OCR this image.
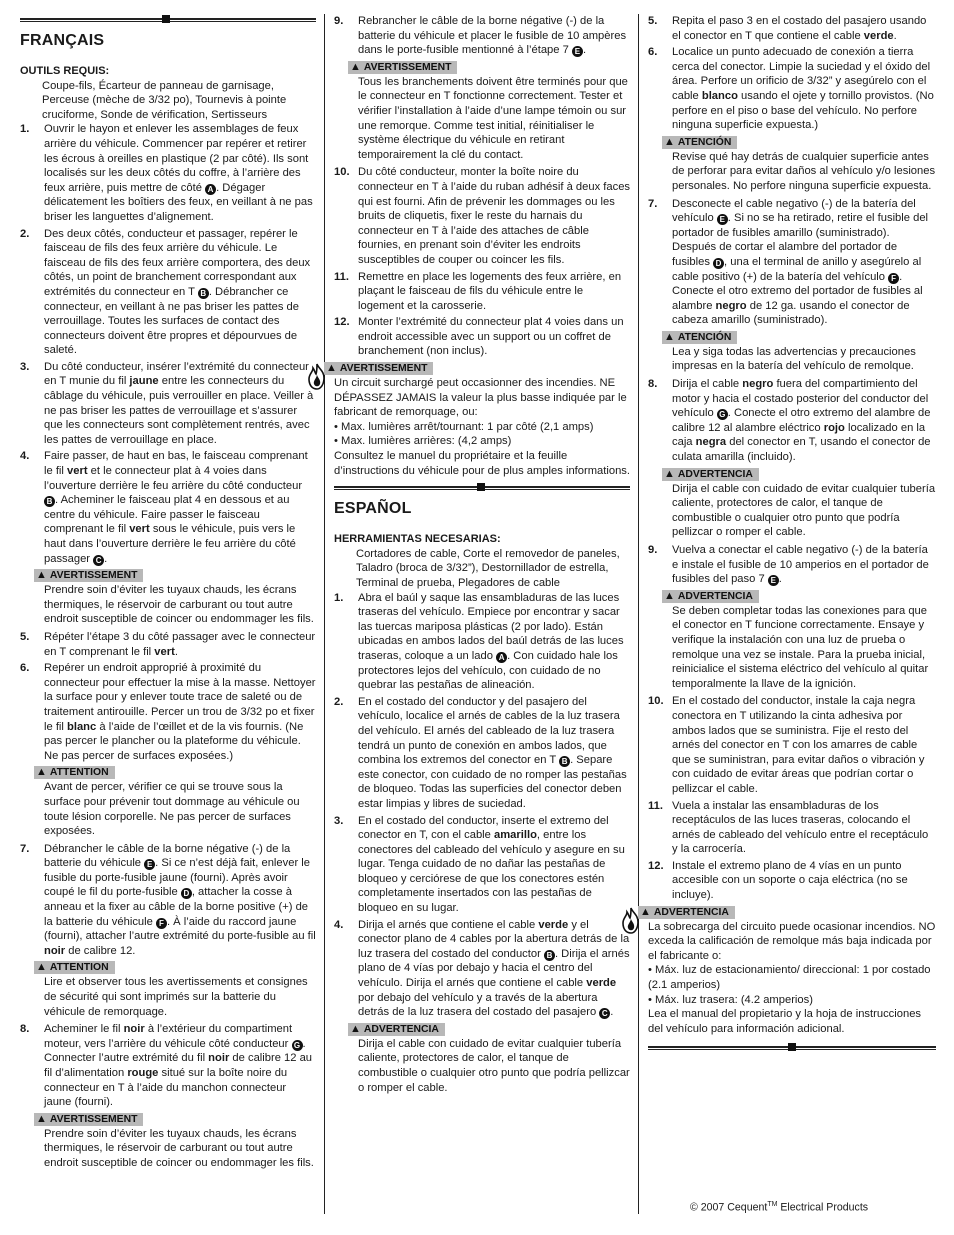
FRANÇAIS
OUTILS REQUIS:
Coupe-fils, Écarteur de panneau de garnisage, Perceuse (mèche de 3/32 po), Tournevis à pointe cruciforme, Sonde de vérification, Sertisseurs
1. Ouvrir le hayon et enlever les assemblages de feux arrière du véhicule. Commencer par repérer et retirer les écrous à oreilles en plastique (2 par côté). Ils sont localisés sur les deux côtés du coffre, à l’arrière des feux arrière, puis mettre de côté A . Dégager délicatement les boîtiers des feux, en veillant à ne pas briser les languettes d’alignement.
2. Des deux côtés, conducteur et passager, repérer le faisceau de fils des feux arrière du véhicule. Le faisceau de fils des feux arrière comportera, des deux côtés, un point de branchement correspondant aux extrémités du connecteur en T B . Débrancher ce connecteur, en veillant à ne pas briser les pattes de verrouillage. Toutes les surfaces de contact des connecteurs doivent être propres et dépourvues de saleté.
3. Du côté conducteur, insérer l’extrémité du connecteur en T munie du fil jaune entre les connecteurs du câblage du véhicule, puis verrouiller en place. Veiller à ne pas briser les pattes de verrouillage et s’assurer que les connecteurs sont complètement rentrés, avec les pattes de verrouillage en place.
4. Faire passer, de haut en bas, le faisceau comprenant le fil vert et le connecteur plat à 4 voies dans l’ouverture derrière le feu arrière du côté conducteur B . Acheminer le faisceau plat 4 en dessous et au centre du véhicule. Faire passer le faisceau comprenant le fil vert sous le véhicule, puis vers le haut dans l’ouverture derrière le feu arrière du côté passager C .
▲ AVERTISSEMENT
Prendre soin d’éviter les tuyaux chauds, les écrans thermiques, le réservoir de carburant ou tout autre endroit susceptible de coincer ou endommager les fils.
5. Répéter l’étape 3 du côté passager avec le connecteur en T comprenant le fil vert.
6. Repérer un endroit approprié à proximité du connecteur pour effectuer la mise à la masse. Nettoyer la surface pour y enlever toute trace de saleté ou de traitement antirouille. Percer un trou de 3/32 po et fixer le fil blanc à l’aide de l’œillet et de la vis fournis. (Ne pas percer le plancher ou la plateforme du véhicule. Ne pas percer de surfaces exposées.)
▲ ATTENTION
Avant de percer, vérifier ce qui se trouve sous la surface pour prévenir tout dommage au véhicule ou toute lésion corporelle. Ne pas percer de surfaces exposées.
7. Débrancher le câble de la borne négative (-) de la batterie du véhicule E . Si ce n’est déjà fait, enlever le fusible du porte-fusible jaune (fourni). Après avoir coupé le fil du porte-fusible D , attacher la cosse à anneau et la fixer au câble de la borne positive (+) de la batterie du véhicule F . À l’aide du raccord jaune (fourni), attacher l’autre extrémité du porte-fusible au fil noir de calibre 12.
▲ ATTENTION
Lire et observer tous les avertissements et consignes de sécurité qui sont imprimés sur la batterie du véhicule de remorquage.
8. Acheminer le fil noir à l’extérieur du compartiment moteur, vers l’arrière du véhicule côté conducteur G . Connecter l’autre extrémité du fil noir de calibre 12 au fil d’alimentation rouge situé sur la boîte noire du connecteur en T à l’aide du manchon connecteur jaune (fourni).
▲ AVERTISSEMENT
Prendre soin d’éviter les tuyaux chauds, les écrans thermiques, le réservoir de carburant ou tout autre endroit susceptible de coincer ou endommager les fils.
9. Rebrancher le câble de la borne négative (-) de la batterie du véhicule et placer le fusible de 10 ampères dans le porte-fusible mentionné à l’étape 7 E .
▲ AVERTISSEMENT
Tous les branchements doivent être terminés pour que le connecteur en T fonctionne correctement. Tester et vérifier l’installation à l’aide d’une lampe témoin ou sur une remorque. Comme test initial, réinitialiser le système électrique du véhicule en retirant temporairement la clé du contact.
10. Du côté conducteur, monter la boîte noire du connecteur en T à l’aide du ruban adhésif à deux faces qui est fourni. Afin de prévenir les dommages ou les bruits de cliquetis, fixer le reste du harnais du connecteur en T à l’aide des attaches de câble fournies, en prenant soin d’éviter les endroits susceptibles de couper ou coincer les fils.
11. Remettre en place les logements des feux arrière, en plaçant le faisceau de fils du véhicule entre le logement et la carosserie.
12. Monter l’extrémité du connecteur plat 4 voies dans un endroit accessible avec un support ou un coffret de branchement (non inclus).
▲ AVERTISSEMENT
Un circuit surchargé peut occasionner des incendies. NE DÉPASSEZ JAMAIS la valeur la plus basse indiquée par le fabricant de remorquage, ou:
• Max. lumières arrêt/tournant: 1 par côté (2,1 amps)
• Max. lumières arrières: (4,2 amps)
Consultez le manuel du propriétaire et la feuille d’instructions du véhicule pour de plus amples informations.
ESPAÑOL
HERRAMIENTAS NECESARIAS:
Cortadores de cable, Corte el removedor de paneles, Taladro (broca de 3/32”), Destornillador de estrella, Terminal de prueba, Plegadores de cable
1. Abra el baúl y saque las ensambladuras de las luces traseras del vehículo. Empiece por encontrar y sacar las tuercas mariposa plásticas (2 por lado). Están ubicadas en ambos lados del baúl detrás de las luces traseras, coloque a un lado A . Con cuidado hale los protectores lejos del vehículo, con cuidado de no quebrar las pestañas de alineación.
2. En el costado del conductor y del pasajero del vehículo, localice el arnés de cables de la luz trasera del vehículo. El arnés del cableado de la luz trasera tendrá un punto de conexión en ambos lados, que combina los extremos del conector en T B . Separe este conector, con cuidado de no romper las pestañas de bloqueo. Todas las superficies del conector deben estar limpias y libres de suciedad.
3. En el costado del conductor, inserte el extremo del conector en T, con el cable amarillo, entre los conectores del cableado del vehículo y asegure en su lugar. Tenga cuidado de no dañar las pestañas de bloqueo y cerciórese de que los conectores estén completamente insertados con las pestañas de bloqueo en su lugar.
4. Dirija el arnés que contiene el cable verde y el conector plano de 4 cables por la abertura detrás de la luz trasera del costado del conductor B . Dirija el arnés plano de 4 vías por debajo y hacia el centro del vehículo. Dirija el arnés que contiene el cable verde por debajo del vehículo y a través de la abertura detrás de la luz trasera del costado del pasajero C .
▲ ADVERTENCIA
Dirija el cable con cuidado de evitar cualquier tubería caliente, protectores de calor, el tanque de combustible o cualquier otro punto que podría pellizcar o romper el cable.
5. Repita el paso 3 en el costado del pasajero usando el conector en T que contiene el cable verde.
6. Localice un punto adecuado de conexión a tierra cerca del conector. Limpie la suciedad y el óxido del área. Perfore un orificio de 3/32” y asegúrelo con el cable blanco usando el ojete y tornillo provistos. (No perfore en el piso o base del vehículo. No perfore ninguna superficie expuesta.)
▲ ATENCIÓN
Revise qué hay detrás de cualquier superficie antes de perforar para evitar daños al vehículo y/o lesiones personales. No perfore ninguna superficie expuesta.
7. Desconecte el cable negativo (-) de la batería del vehículo E . Si no se ha retirado, retire el fusible del portador de fusibles amarillo (suministrado). Después de cortar el alambre del portador de fusibles D , una el terminal de anillo y asegúrelo al cable positivo (+) de la batería del vehículo F . Conecte el otro extremo del portador de fusibles al alambre negro de 12 ga. usando el conector de cabeza amarillo (suministrado).
▲ ATENCIÓN
Lea y siga todas las advertencias y precauciones impresas en la batería del vehículo de remolque.
8. Dirija el cable negro fuera del compartimiento del motor y hacia el costado posterior del conductor del vehículo G . Conecte el otro extremo del alambre de calibre 12 al alambre eléctrico rojo localizado en la caja negra del conector en T, usando el conector de culata amarilla (incluido).
▲ ADVERTENCIA
Dirija el cable con cuidado de evitar cualquier tubería caliente, protectores de calor, el tanque de combustible o cualquier otro punto que podría pellizcar o romper el cable.
9. Vuelva a conectar el cable negativo (-) de la batería e instale el fusible de 10 amperios en el portador de fusibles del paso 7 E .
▲ ADVERTENCIA
Se deben completar todas las conexiones para que el conector en T funcione correctamente. Ensaye y verifique la instalación con una luz de prueba o remolque una vez se instale. Para la prueba inicial, reinicialice el sistema eléctrico del vehículo al quitar temporalmente la llave de la ignición.
10. En el costado del conductor, instale la caja negra conectora en T utilizando la cinta adhesiva por ambos lados que se suministra. Fije el resto del arnés del conector en T con los amarres de cable que se suministran, para evitar daños o vibración y con cuidado de evitar áreas que podrían cortar o pellizcar el cable.
11. Vuela a instalar las ensambladuras de los receptáculos de las luces traseras, colocando el arnés de cableado del vehículo entre el receptáculo y la carrocería.
12. Instale el extremo plano de 4 vías en un punto accesible con un soporte o caja eléctrica (no se incluye).
▲ ADVERTENCIA
La sobrecarga del circuito puede ocasionar incendios. NO exceda la calificación de remolque más baja indicada por el fabricante o:
• Máx. luz de estacionamiento/ direccional: 1 por costado (2.1 amperios)
• Máx. luz trasera: (4.2 amperios)
Lea el manual del propietario y la hoja de instrucciones del vehículo para información adicional.
© 2007 Cequent™ Electrical Products
